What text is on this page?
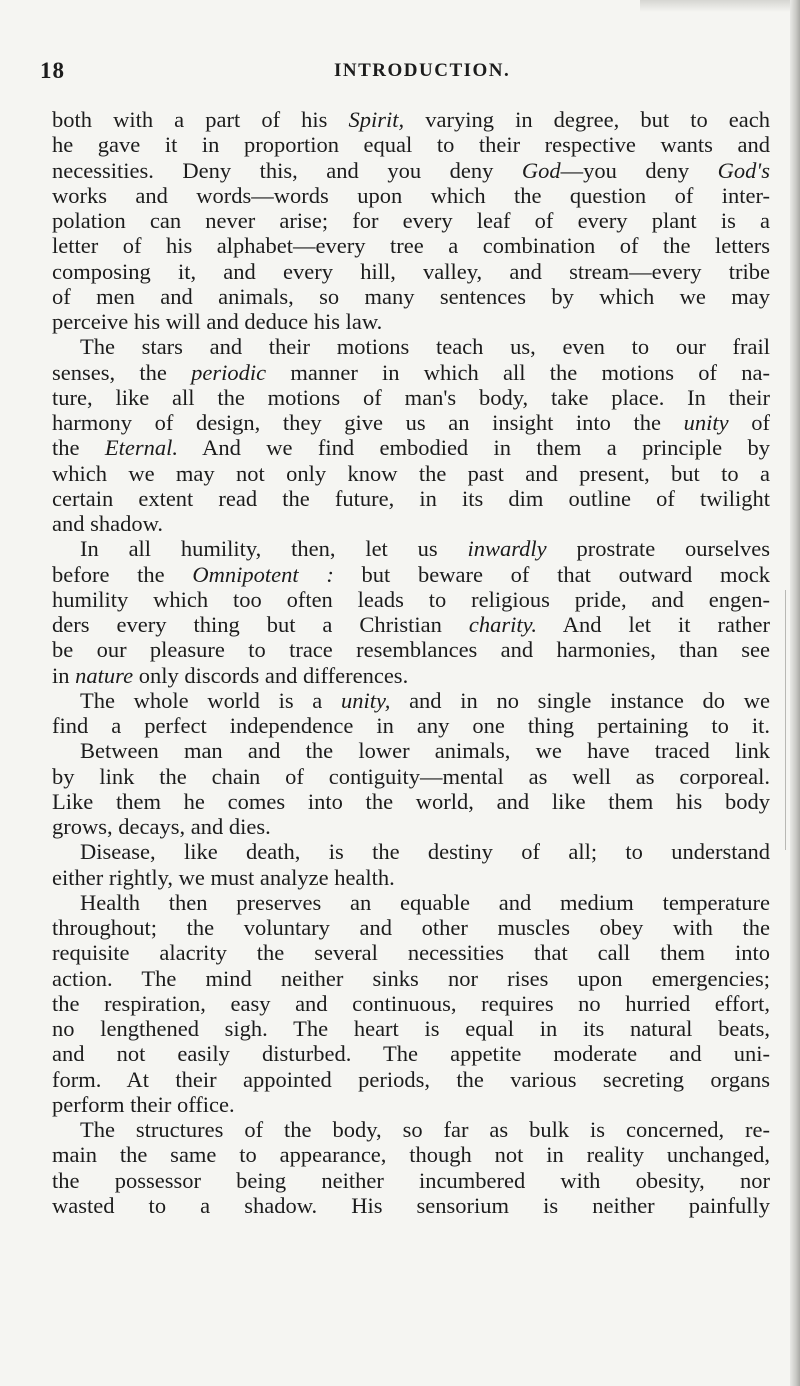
18	INTRODUCTION.
both with a part of his Spirit, varying in degree, but to each
he gave it in proportion equal to their respective wants and
necessities. Deny this, and you deny God—you deny God's
works and words—words upon which the question of inter-
polation can never arise; for every leaf of every plant is a
letter of his alphabet—every tree a combination of the letters
composing it, and every hill, valley, and stream—every tribe
of men and animals, so many sentences by which we may
perceive his will and deduce his law.
The stars and their motions teach us, even to our frail
senses, the periodic manner in which all the motions of na-
ture, like all the motions of man's body, take place. In their
harmony of design, they give us an insight into the unity of
the Eternal. And we find embodied in them a principle by
which we may not only know the past and present, but to a
certain extent read the future, in its dim outline of twilight
and shadow.
In all humility, then, let us inwardly prostrate ourselves
before the Omnipotent : but beware of that outward mock
humility which too often leads to religious pride, and engen-
ders every thing but a Christian charity. And let it rather
be our pleasure to trace resemblances and harmonies, than see
in nature only discords and differences.
The whole world is a unity, and in no single instance do we
find a perfect independence in any one thing pertaining to it.
Between man and the lower animals, we have traced link
by link the chain of contiguity—mental as well as corporeal.
Like them he comes into the world, and like them his body
grows, decays, and dies.
Disease, like death, is the destiny of all; to understand
either rightly, we must analyze health.
Health then preserves an equable and medium temperature
throughout; the voluntary and other muscles obey with the
requisite alacrity the several necessities that call them into
action. The mind neither sinks nor rises upon emergencies;
the respiration, easy and continuous, requires no hurried effort,
no lengthened sigh. The heart is equal in its natural beats,
and not easily disturbed. The appetite moderate and uni-
form. At their appointed periods, the various secreting organs
perform their office.
The structures of the body, so far as bulk is concerned, re-
main the same to appearance, though not in reality unchanged,
the possessor being neither incumbered with obesity, nor
wasted to a shadow. His sensorium is neither painfully
